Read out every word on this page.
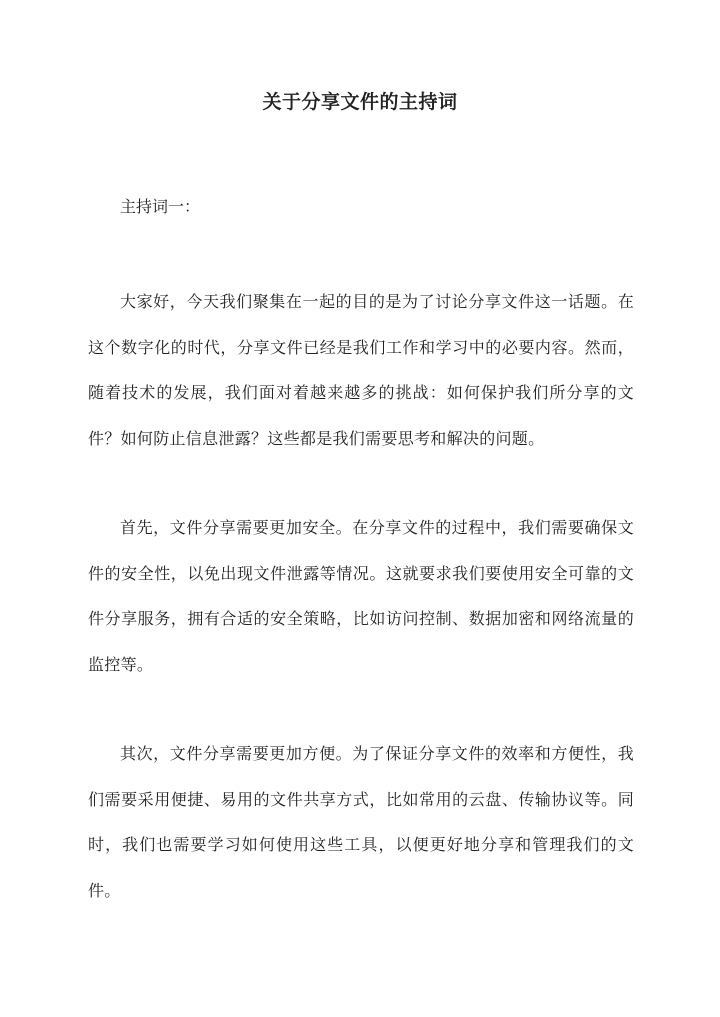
关于分享文件的主持词

主持词一：

大家好，今天我们聚集在一起的目的是为了讨论分享文件这一话题。在这个数字化的时代，分享文件已经是我们工作和学习中的必要内容。然而，随着技术的发展，我们面对着越来越多的挑战：如何保护我们所分享的文件？如何防止信息泄露？这些都是我们需要思考和解决的问题。

首先，文件分享需要更加安全。在分享文件的过程中，我们需要确保文件的安全性，以免出现文件泄露等情况。这就要求我们要使用安全可靠的文件分享服务，拥有合适的安全策略，比如访问控制、数据加密和网络流量的监控等。

其次，文件分享需要更加方便。为了保证分享文件的效率和方便性，我们需要采用便捷、易用的文件共享方式，比如常用的云盘、传输协议等。同时，我们也需要学习如何使用这些工具，以便更好地分享和管理我们的文件。
